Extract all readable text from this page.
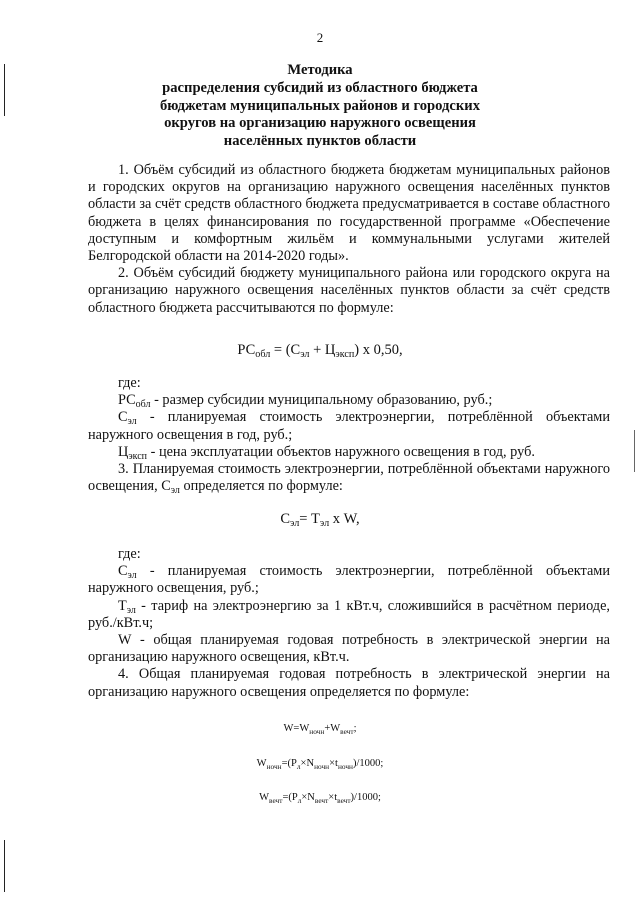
2
Методика
распределения субсидий из областного бюджета
бюджетам муниципальных районов и городских
округов на организацию наружного освещения
населённых пунктов области

1. Объём субсидий из областного бюджета бюджетам муниципальных районов и городских округов на организацию наружного освещения населённых пунктов области за счёт средств областного бюджета предусматривается в составе областного бюджета в целях финансирования по государственной программе «Обеспечение доступным и комфортным жильём и коммунальными услугами жителей Белгородской области на 2014-2020 годы».

2. Объём субсидий бюджету муниципального района или городского округа на организацию наружного освещения населённых пунктов области за счёт средств областного бюджета рассчитываются по формуле:

$РС_{обл} = (С_{эл} + Ц_{эксп})$ х 0,50,
где:

$РС_{обл}$ - размер субсидии муниципальному образованию, руб.;

$С_{эл}$ - планируемая стоимость электроэнергии, потреблённой объектами наружного освещения в год, руб.;

$Ц_{эксп}$ - цена эксплуатации объектов наружного освещения в год, руб.

3. Планируемая стоимость электроэнергии, потреблённой объектами наружного освещения, $С_{эл}$ определяется по формуле:

$С_{эл}= Т_{эл}$ х W,
где:

$С_{эл}$ - планируемая стоимость электроэнергии, потреблённой объектами наружного освещения, руб.;

$Т_{эл}$ - тариф на электроэнергию за 1 кВт.ч, сложившийся в расчётном периоде, руб./кВт.ч;

W - общая планируемая годовая потребность в электрической энергии на организацию наружного освещения, кВт.ч.

4. Общая планируемая годовая потребность в электрической энергии на организацию наружного освещения определяется по формуле:

$W=W_{ночн}+W_{вечт}$;
$W_{ночн}=(P_л\times N_{ночн}\times t_{ночн})/1000$;
$W_{вечт}=(P_л\times N_{вечт}\times t_{вечт})/1000$;
